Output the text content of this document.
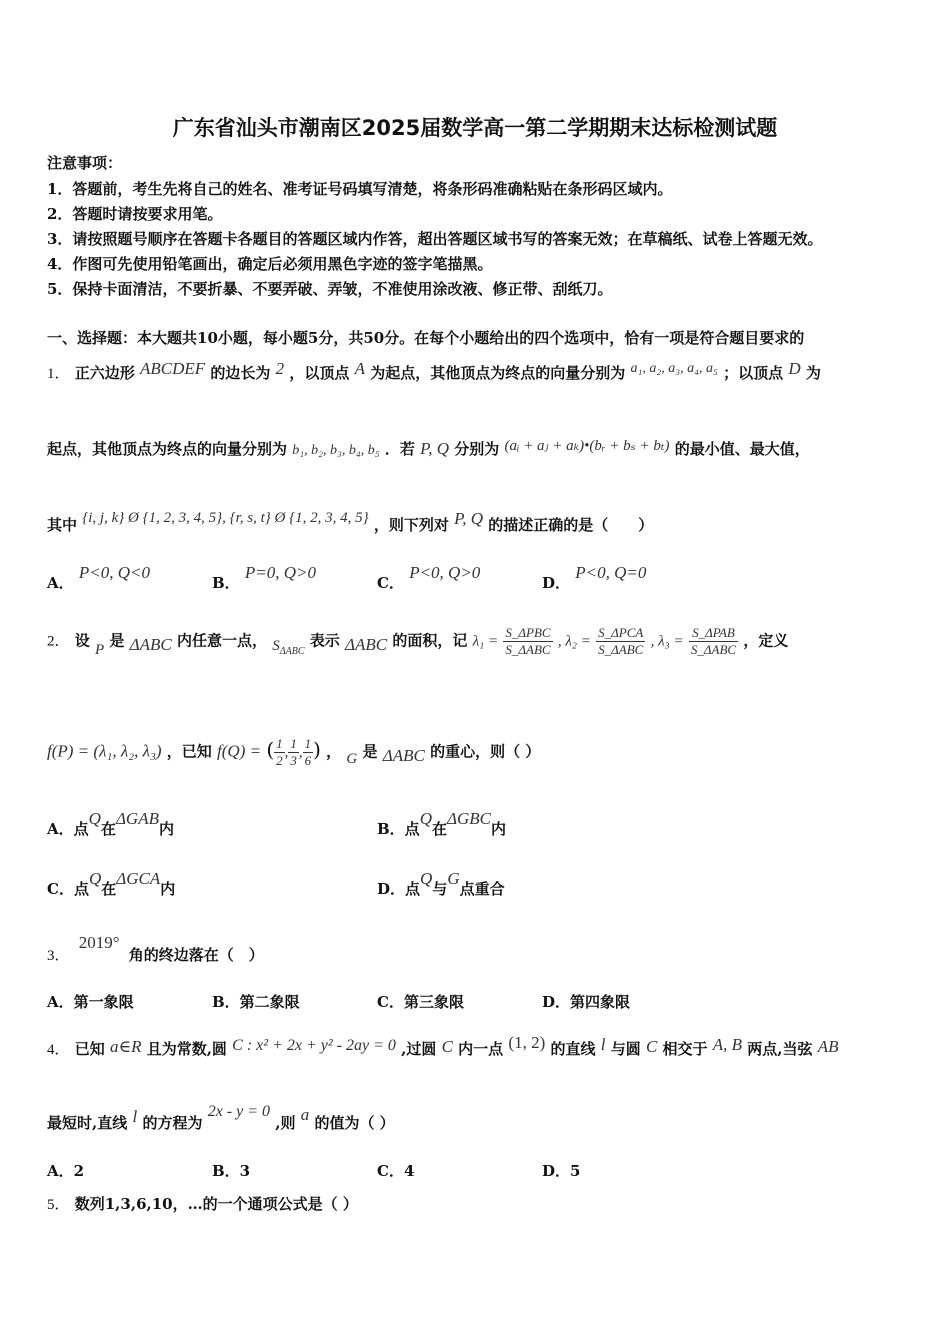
广东省汕头市潮南区2025届数学高一第二学期期末达标检测试题
注意事项：
1．答题前，考生先将自己的姓名、准考证号码填写清楚，将条形码准确粘贴在条形码区域内。
2．答题时请按要求用笔。
3．请按照题号顺序在答题卡各题目的答题区域内作答，超出答题区域书写的答案无效；在草稿纸、试卷上答题无效。
4．作图可先使用铅笔画出，确定后必须用黑色字迹的签字笔描黑。
5．保持卡面清洁，不要折暴、不要弄破、弄皱，不准使用涂改液、修正带、刮纸刀。
一、选择题：本大题共10小题，每小题5分，共50分。在每个小题给出的四个选项中，恰有一项是符合题目要求的
1． 正六边形 ABCDEF 的边长为 2 ，以顶点 A 为起点，其他顶点为终点的向量分别为 a₁, a₂, a₃, a₄, a₅ ；以顶点 D 为
起点，其他顶点为终点的向量分别为 b₁, b₂, b₃, b₄, b₅ ．若 P, Q 分别为 (aᵢ + aⱼ + aₖ)•(bᵣ + bₛ + bₜ) 的最小值、最大值，
其中 {i, j, k} Ø {1, 2, 3, 4, 5}, {r, s, t} Ø {1, 2, 3, 4, 5} ，则下列对 P, Q 的描述正确的是（　　）
A． P<0, Q<0
B． P=0, Q>0
C． P<0, Q>0
D． P<0, Q=0
2． 设 P 是 ΔABC 内任意一点， $S_{\Delta ABC}$ 表示 ΔABC 的面积，记 $\lambda_1 = \frac{\text{S\_ΔPBC}}{\text{S\_ΔABC}}$ , $\lambda_2 = \frac{\text{S\_ΔPCA}}{\text{S\_ΔABC}}$ , $\lambda_3 = \frac{\text{S\_ΔPAB}}{\text{S\_ΔABC}}$ ，定义
f(P) = (λ₁, λ₂, λ₃) ，已知 f(Q) = ( $\frac{1}{2}$ , $\frac{1}{3}$ , $\frac{1}{6}$ ) ， G 是 ΔABC 的重心，则（ ）
A．点Q在ΔGAB内	B．点Q在ΔGBC内
C．点Q在ΔGCA内	D．点Q与G点重合
3． 2019° 角的终边落在（　）
A．第一象限	B．第二象限	C．第三象限	D．第四象限
4． 已知 a∈R 且为常数,圆 C : x² + 2x + y² - 2ay = 0 ,过圆 C 内一点 (1, 2) 的直线 l 与圆 C 相交于 A, B 两点,当弦 AB
最短时,直线 l 的方程为 2x - y = 0 ,则 a 的值为（ ）
A．2	B．3	C．4	D．5
5． 数列1,3,6,10，…的一个通项公式是（ ）
